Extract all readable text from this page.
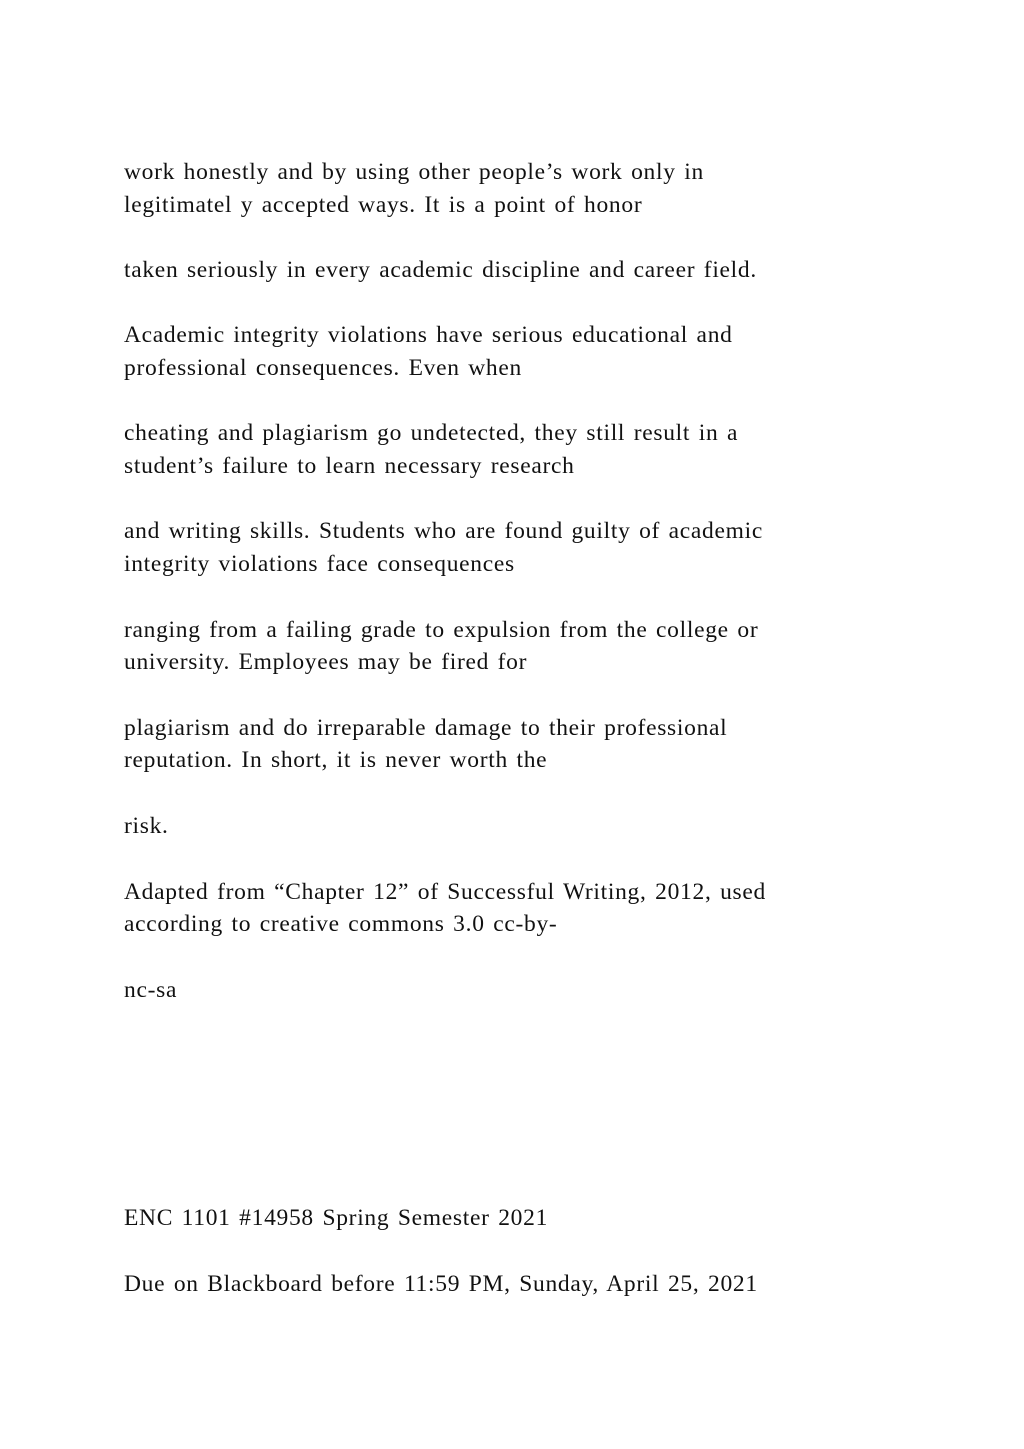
work honestly and by using other people’s work only in

legitimatel y accepted ways. It is a point of honor

taken seriously in every academic discipline and career field.

Academic integrity violations have serious educational and

professional consequences. Even when

cheating and plagiarism go undetected, they still result in a

student’s failure to learn necessary research

and writing skills. Students who are found guilty of academic

integrity violations face consequences

ranging from a failing grade to expulsion from the college or

university. Employees may be fired for

plagiarism and do irreparable damage to their professional

reputation. In short, it is never worth the

risk.

Adapted from “Chapter 12” of Successful Writing, 2012, used

according to creative commons 3.0 cc-by-

nc-sa

ENC 1101 #14958 Spring Semester 2021

Due on Blackboard before 11:59 PM, Sunday, April 25, 2021
